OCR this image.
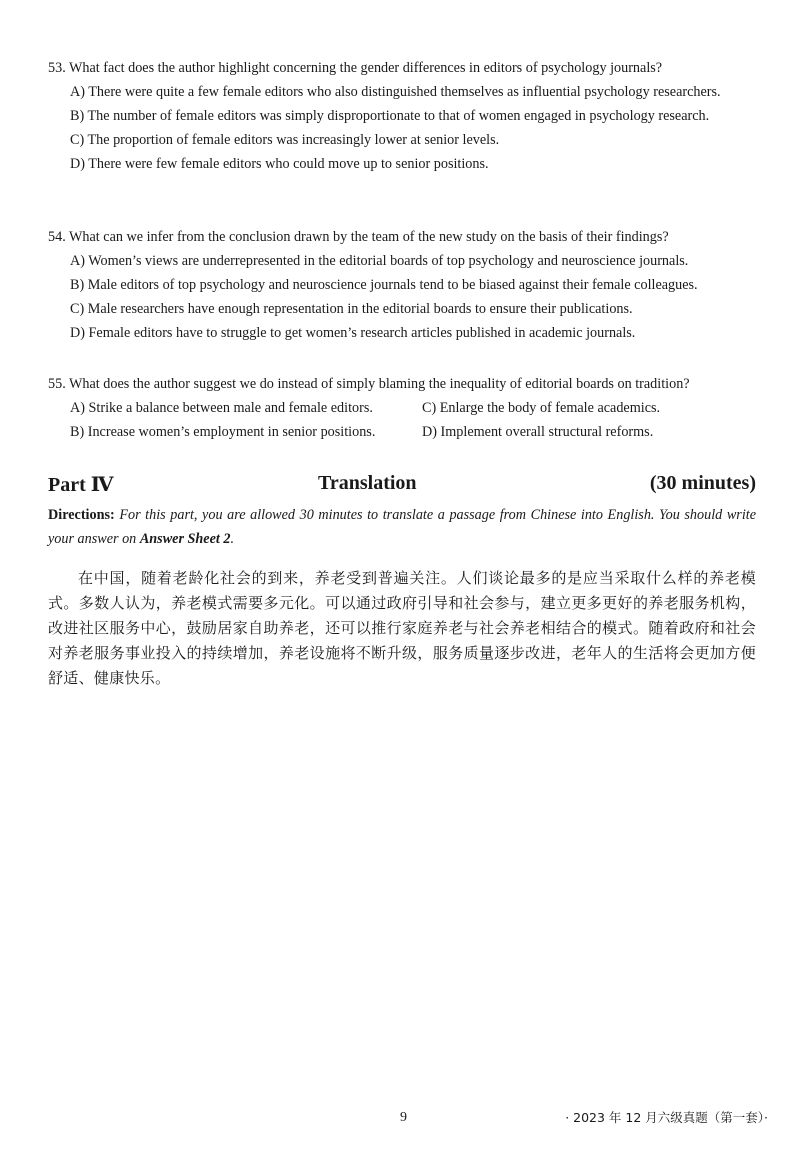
53. What fact does the author highlight concerning the gender differences in editors of psychology journals?
A) There were quite a few female editors who also distinguished themselves as influential psychology researchers.
B) The number of female editors was simply disproportionate to that of women engaged in psychology research.
C) The proportion of female editors was increasingly lower at senior levels.
D) There were few female editors who could move up to senior positions.
54. What can we infer from the conclusion drawn by the team of the new study on the basis of their findings?
A) Women’s views are underrepresented in the editorial boards of top psychology and neuroscience journals.
B) Male editors of top psychology and neuroscience journals tend to be biased against their female colleagues.
C) Male researchers have enough representation in the editorial boards to ensure their publications.
D) Female editors have to struggle to get women’s research articles published in academic journals.
55. What does the author suggest we do instead of simply blaming the inequality of editorial boards on tradition?
A) Strike a balance between male and female editors.	C) Enlarge the body of female academics.
B) Increase women’s employment in senior positions.	D) Implement overall structural reforms.
Part Ⅳ	Translation	(30 minutes)
Directions: For this part, you are allowed 30 minutes to translate a passage from Chinese into English. You should write your answer on Answer Sheet 2.
在中国，随着老龄化社会的到来，养老受到普遍关注。人们谈论最多的是应当采取什么样的养老模式。多数人认为，养老模式需要多元化。可以通过政府引导和社会参与，建立更多更好的养老服务机构，改进社区服务中心，鼓励居家自助养老，还可以推行家庭养老与社会养老相结合的模式。随着政府和社会对养老服务事业投入的持续增加，养老设施将不断升级，服务质量逐步改进，老年人的生活将会更加方便舒适、健康快乐。
9	· 2023 年 12 月六级真题（第一套）·
